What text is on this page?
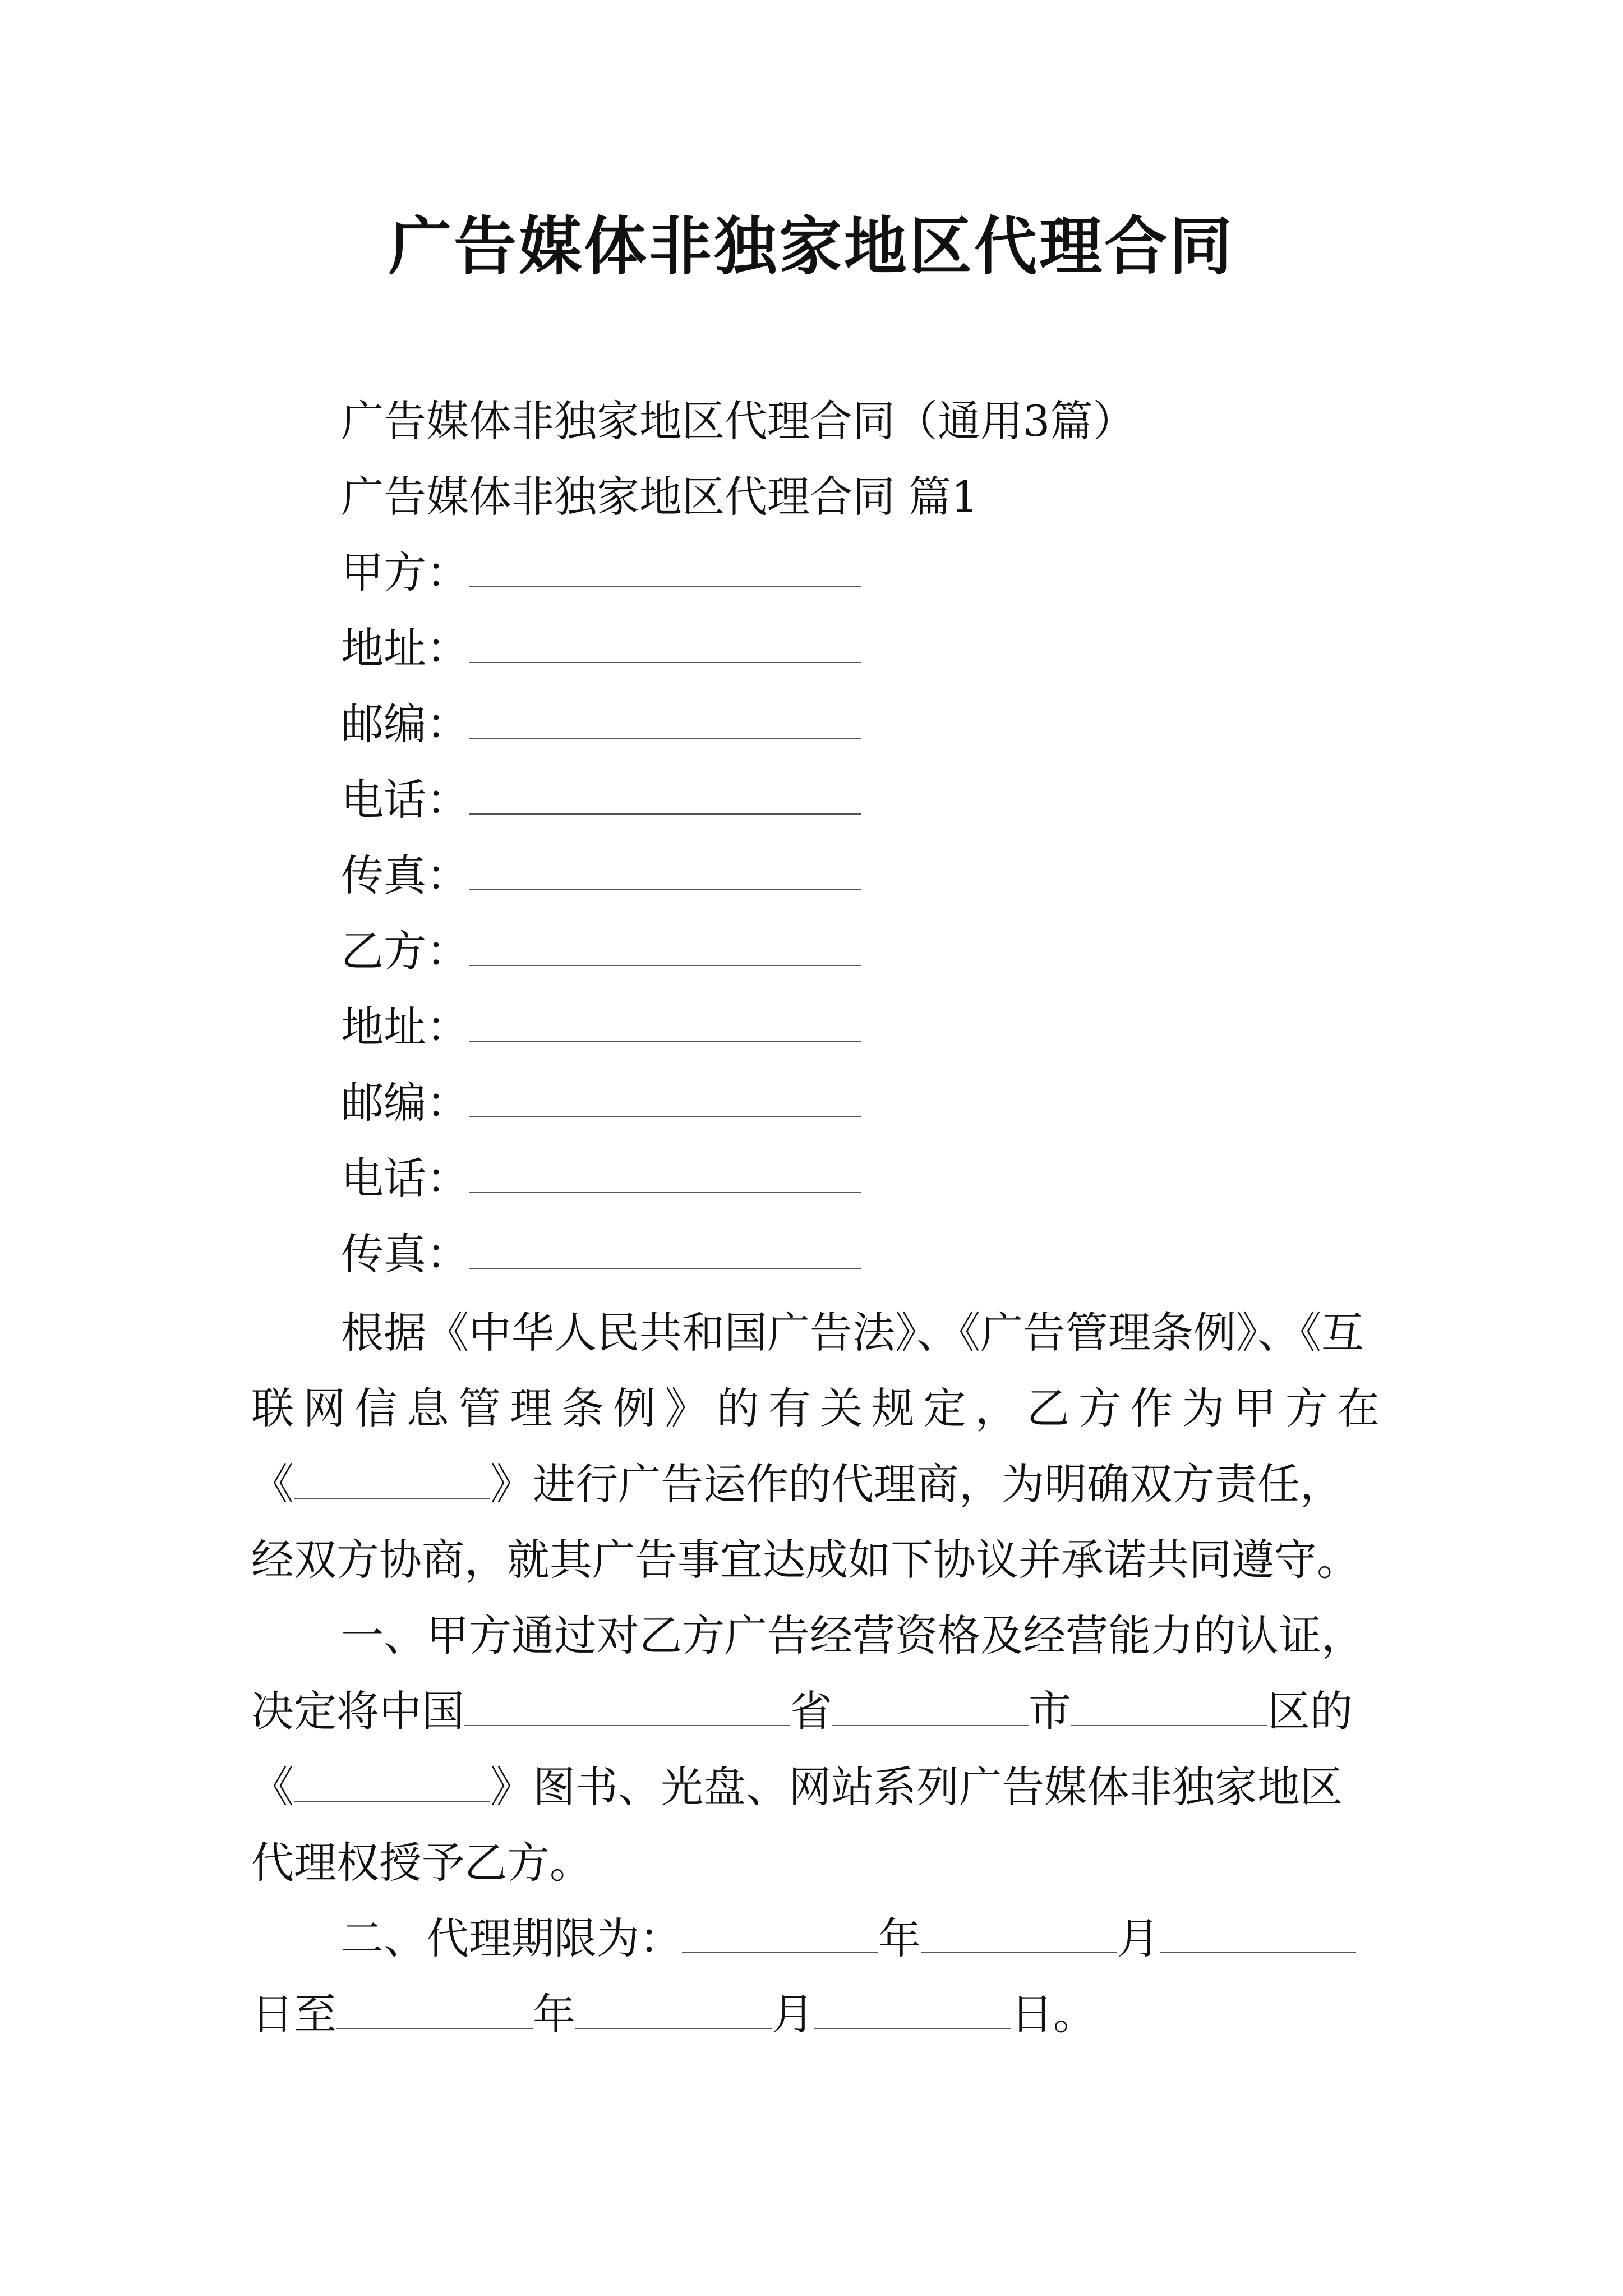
广告媒体非独家地区代理合同
广告媒体非独家地区代理合同（通用3篇）
广告媒体非独家地区代理合同 篇1
甲方：
地址：
邮编：
电话：
传真：
乙方：
地址：
邮编：
电话：
传真：
根据《中华人民共和国广告法》、《广告管理条例》、《互
联网信息管理条例》的有关规定，乙方作为甲方在
《	》进行广告运作的代理商，为明确双方责任，
经双方协商，就其广告事宜达成如下协议并承诺共同遵守。
一、甲方通过对乙方广告经营资格及经营能力的认证，
决定将中国	省	市	区的
《	》图书、光盘、网站系列广告媒体非独家地区
代理权授予乙方。
二、代理期限为：	年	月
日至	年	月	日。
